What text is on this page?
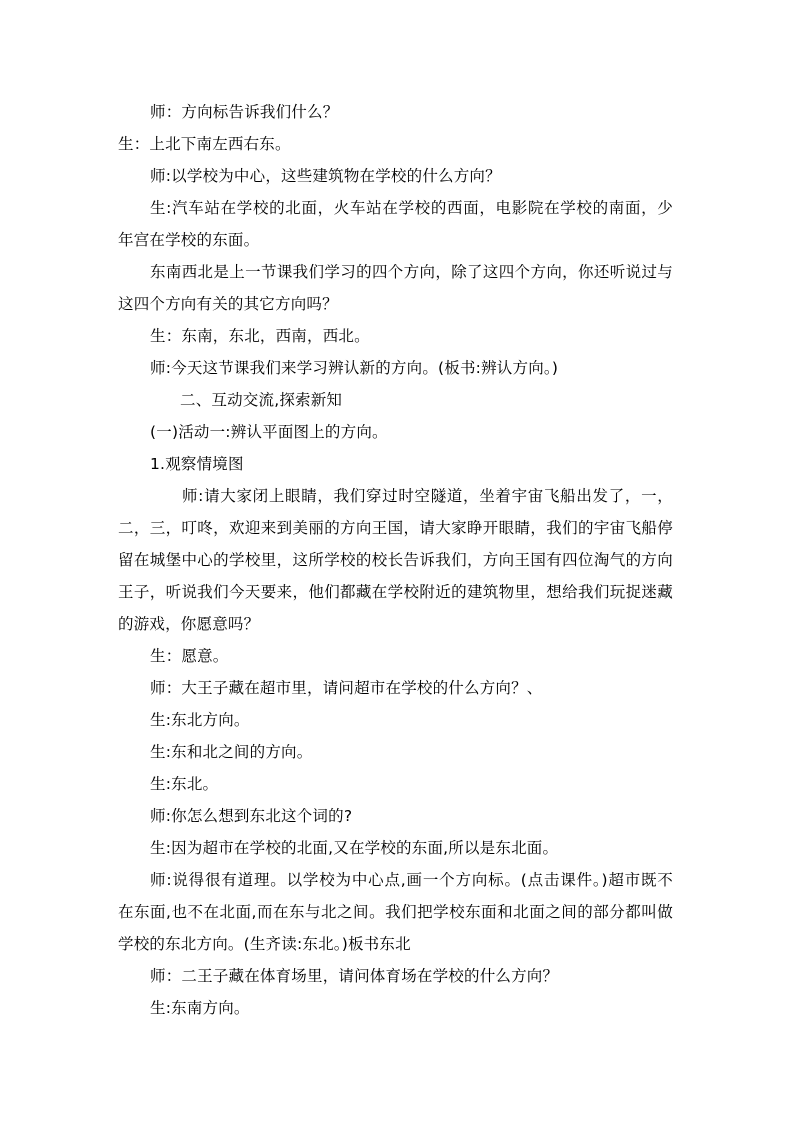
师：方向标告诉我们什么？
生：上北下南左西右东。
师:以学校为中心，这些建筑物在学校的什么方向？
生:汽车站在学校的北面，火车站在学校的西面，电影院在学校的南面，少
年宫在学校的东面。
东南西北是上一节课我们学习的四个方向，除了这四个方向，你还听说过与
这四个方向有关的其它方向吗？
生：东南，东北，西南，西北。
师:今天这节课我们来学习辨认新的方向。(板书:辨认方向。)
二、互动交流,探索新知
(一)活动一:辨认平面图上的方向。
1.观察情境图
师:请大家闭上眼睛，我们穿过时空隧道，坐着宇宙飞船出发了，一，
二，三，叮咚，欢迎来到美丽的方向王国，请大家睁开眼睛，我们的宇宙飞船停
留在城堡中心的学校里，这所学校的校长告诉我们，方向王国有四位淘气的方向
王子，听说我们今天要来，他们都藏在学校附近的建筑物里，想给我们玩捉迷藏
的游戏，你愿意吗？
生：愿意。
师：大王子藏在超市里，请问超市在学校的什么方向？、
生:东北方向。
生:东和北之间的方向。
生:东北。
师:你怎么想到东北这个词的?
生:因为超市在学校的北面,又在学校的东面,所以是东北面。
师:说得很有道理。以学校为中心点,画一个方向标。(点击课件。)超市既不
在东面,也不在北面,而在东与北之间。我们把学校东面和北面之间的部分都叫做
学校的东北方向。(生齐读:东北。)板书东北
师：二王子藏在体育场里，请问体育场在学校的什么方向？
生:东南方向。
